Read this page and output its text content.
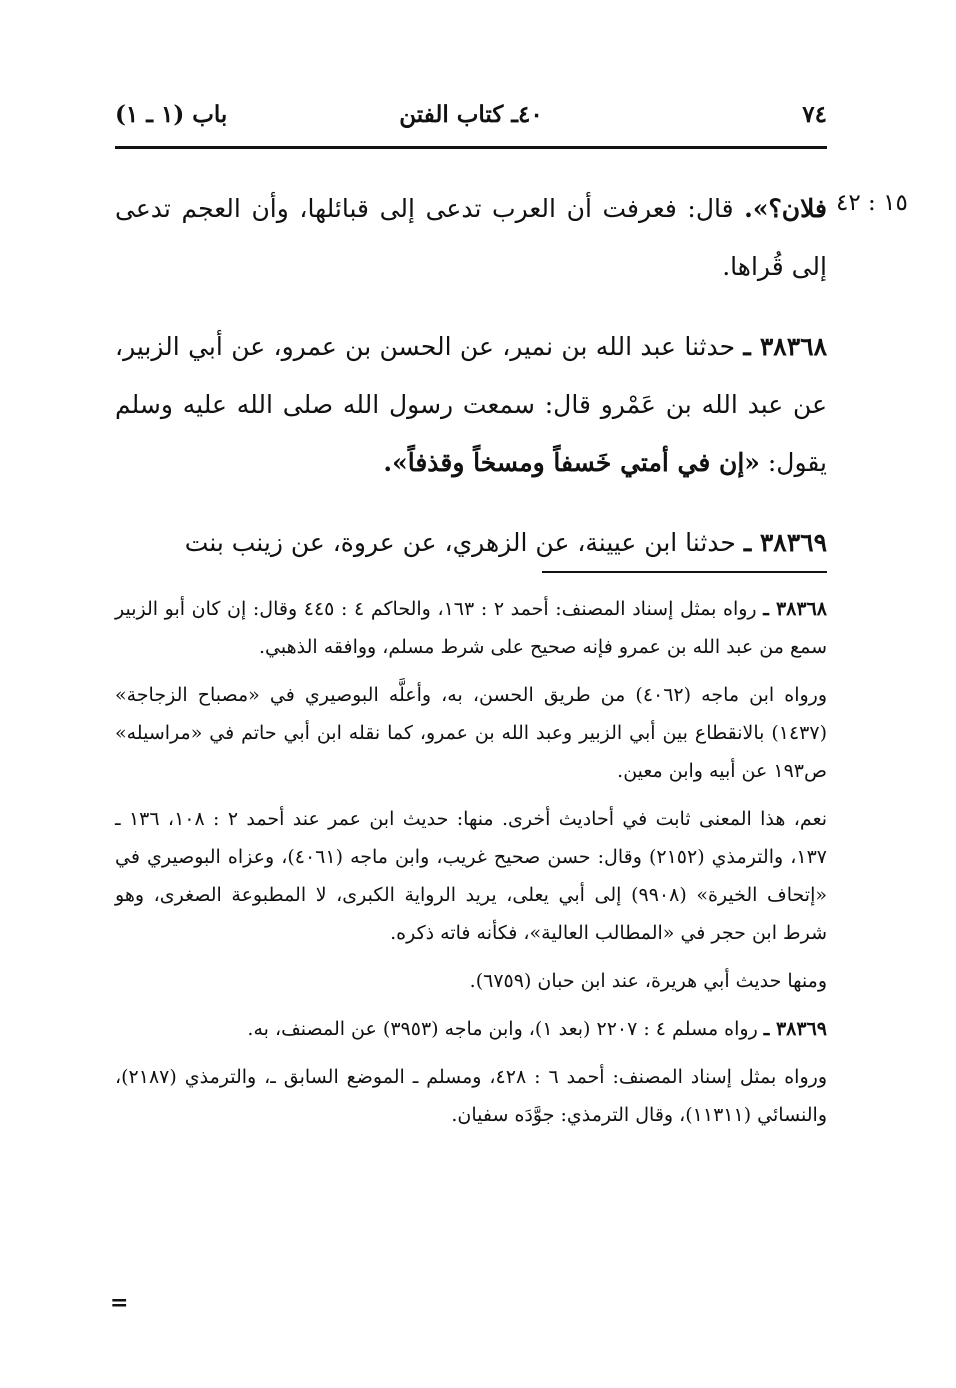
٧٤
٤٠ـ كتاب الفتن
باب (١ ـ ١)
١٥ : ٤٢

فلان؟». قال: فعرفت أن العرب تدعى إلى قبائلها، وأن العجم تدعى إلى قُراها.

٣٨٣٦٨ ـ حدثنا عبد الله بن نمير، عن الحسن بن عمرو، عن أبي الزبير، عن عبد الله بن عَمْرو قال: سمعت رسول الله صلى الله عليه وسلم يقول: «إن في أمتي خَسفاً ومسخاً وقذفاً».

٣٨٣٦٩ ـ حدثنا ابن عيينة، عن الزهري، عن عروة، عن زينب بنت

٣٨٣٦٨ ـ رواه بمثل إسناد المصنف: أحمد ٢ : ١٦٣، والحاكم ٤ : ٤٤٥ وقال: إن كان أبو الزبير سمع من عبد الله بن عمرو فإنه صحيح على شرط مسلم، ووافقه الذهبي.

ورواه ابن ماجه (٤٠٦٢) من طريق الحسن، به، وأعلَّه البوصيري في «مصباح الزجاجة» (١٤٣٧) بالانقطاع بين أبي الزبير وعبد الله بن عمرو، كما نقله ابن أبي حاتم في «مراسيله» ص١٩٣ عن أبيه وابن معين.

نعم، هذا المعنى ثابت في أحاديث أخرى. منها: حديث ابن عمر عند أحمد ٢ : ١٠٨، ١٣٦ ـ ١٣٧، والترمذي (٢١٥٢) وقال: حسن صحيح غريب، وابن ماجه (٤٠٦١)، وعزاه البوصيري في «إتحاف الخيرة» (٩٩٠٨) إلى أبي يعلى، يريد الرواية الكبرى، لا المطبوعة الصغرى، وهو شرط ابن حجر في «المطالب العالية»، فكأنه فاته ذكره.

ومنها حديث أبي هريرة، عند ابن حبان (٦٧٥٩).

٣٨٣٦٩ ـ رواه مسلم ٤ : ٢٢٠٧ (بعد ١)، وابن ماجه (٣٩٥٣) عن المصنف، به.

ورواه بمثل إسناد المصنف: أحمد ٦ : ٤٢٨، ومسلم ـ الموضع السابق ـ، والترمذي (٢١٨٧)، والنسائي (١١٣١١)، وقال الترمذي: جوَّدَه سفيان.

=
